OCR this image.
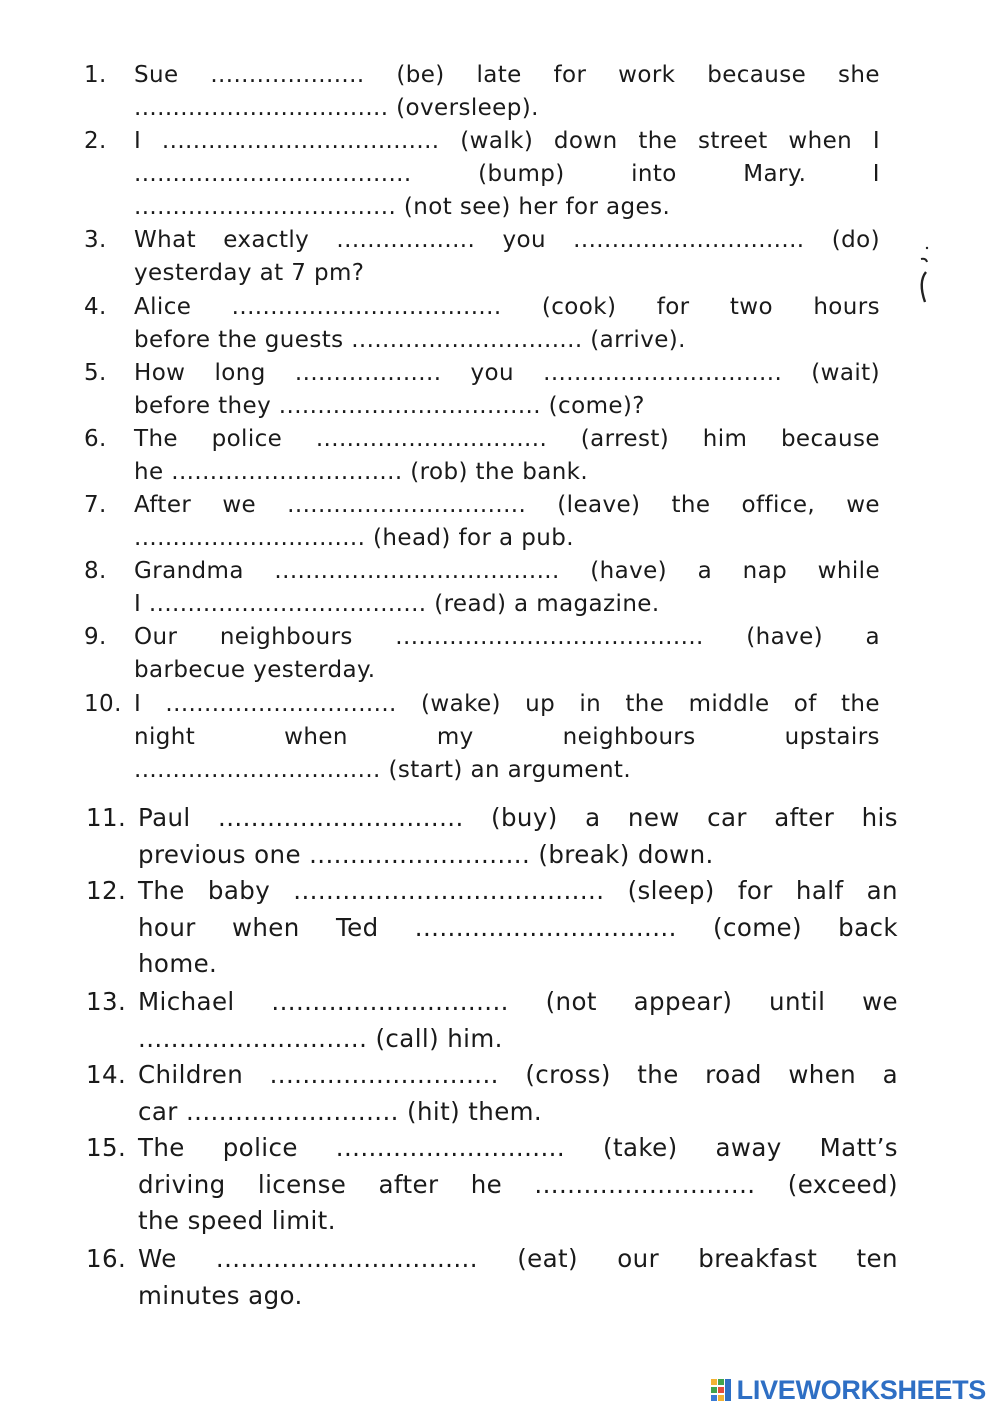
1. Sue .................... (be) late for work because she
................................. (oversleep).
2. I .................................... (walk) down the street when I
....................................	(bump)	into	Mary.	I
.................................. (not see) her for ages.
3. What exactly .................. you .............................. (do)
yesterday at 7 pm?
4. Alice ................................... (cook) for two hours
before the guests .............................. (arrive).
5. How long ................... you ............................... (wait)
before they .................................. (come)?
6. The police .............................. (arrest) him because
he .............................. (rob) the bank.
7. After we ............................... (leave) the office, we
.............................. (head) for a pub.
8. Grandma ..................................... (have) a nap while
I .................................... (read) a magazine.
9. Our neighbours ........................................ (have) a
barbecue yesterday.
10. I .............................. (wake) up in the middle of the
night	when	my	neighbours	upstairs
................................ (start) an argument.
11. Paul .............................. (buy) a new car after his
previous one ........................... (break) down.
12. The baby ...................................... (sleep) for half an
hour when Ted ................................ (come) back
home.
13. Michael ............................. (not appear) until we
............................ (call) him.
14. Children ............................ (cross) the road when a
car .......................... (hit) them.
15. The police ............................ (take) away Matt’s
driving license after he ........................... (exceed)
the speed limit.
16. We ................................ (eat) our breakfast ten
minutes ago.
LIVEWORKSHEETS
